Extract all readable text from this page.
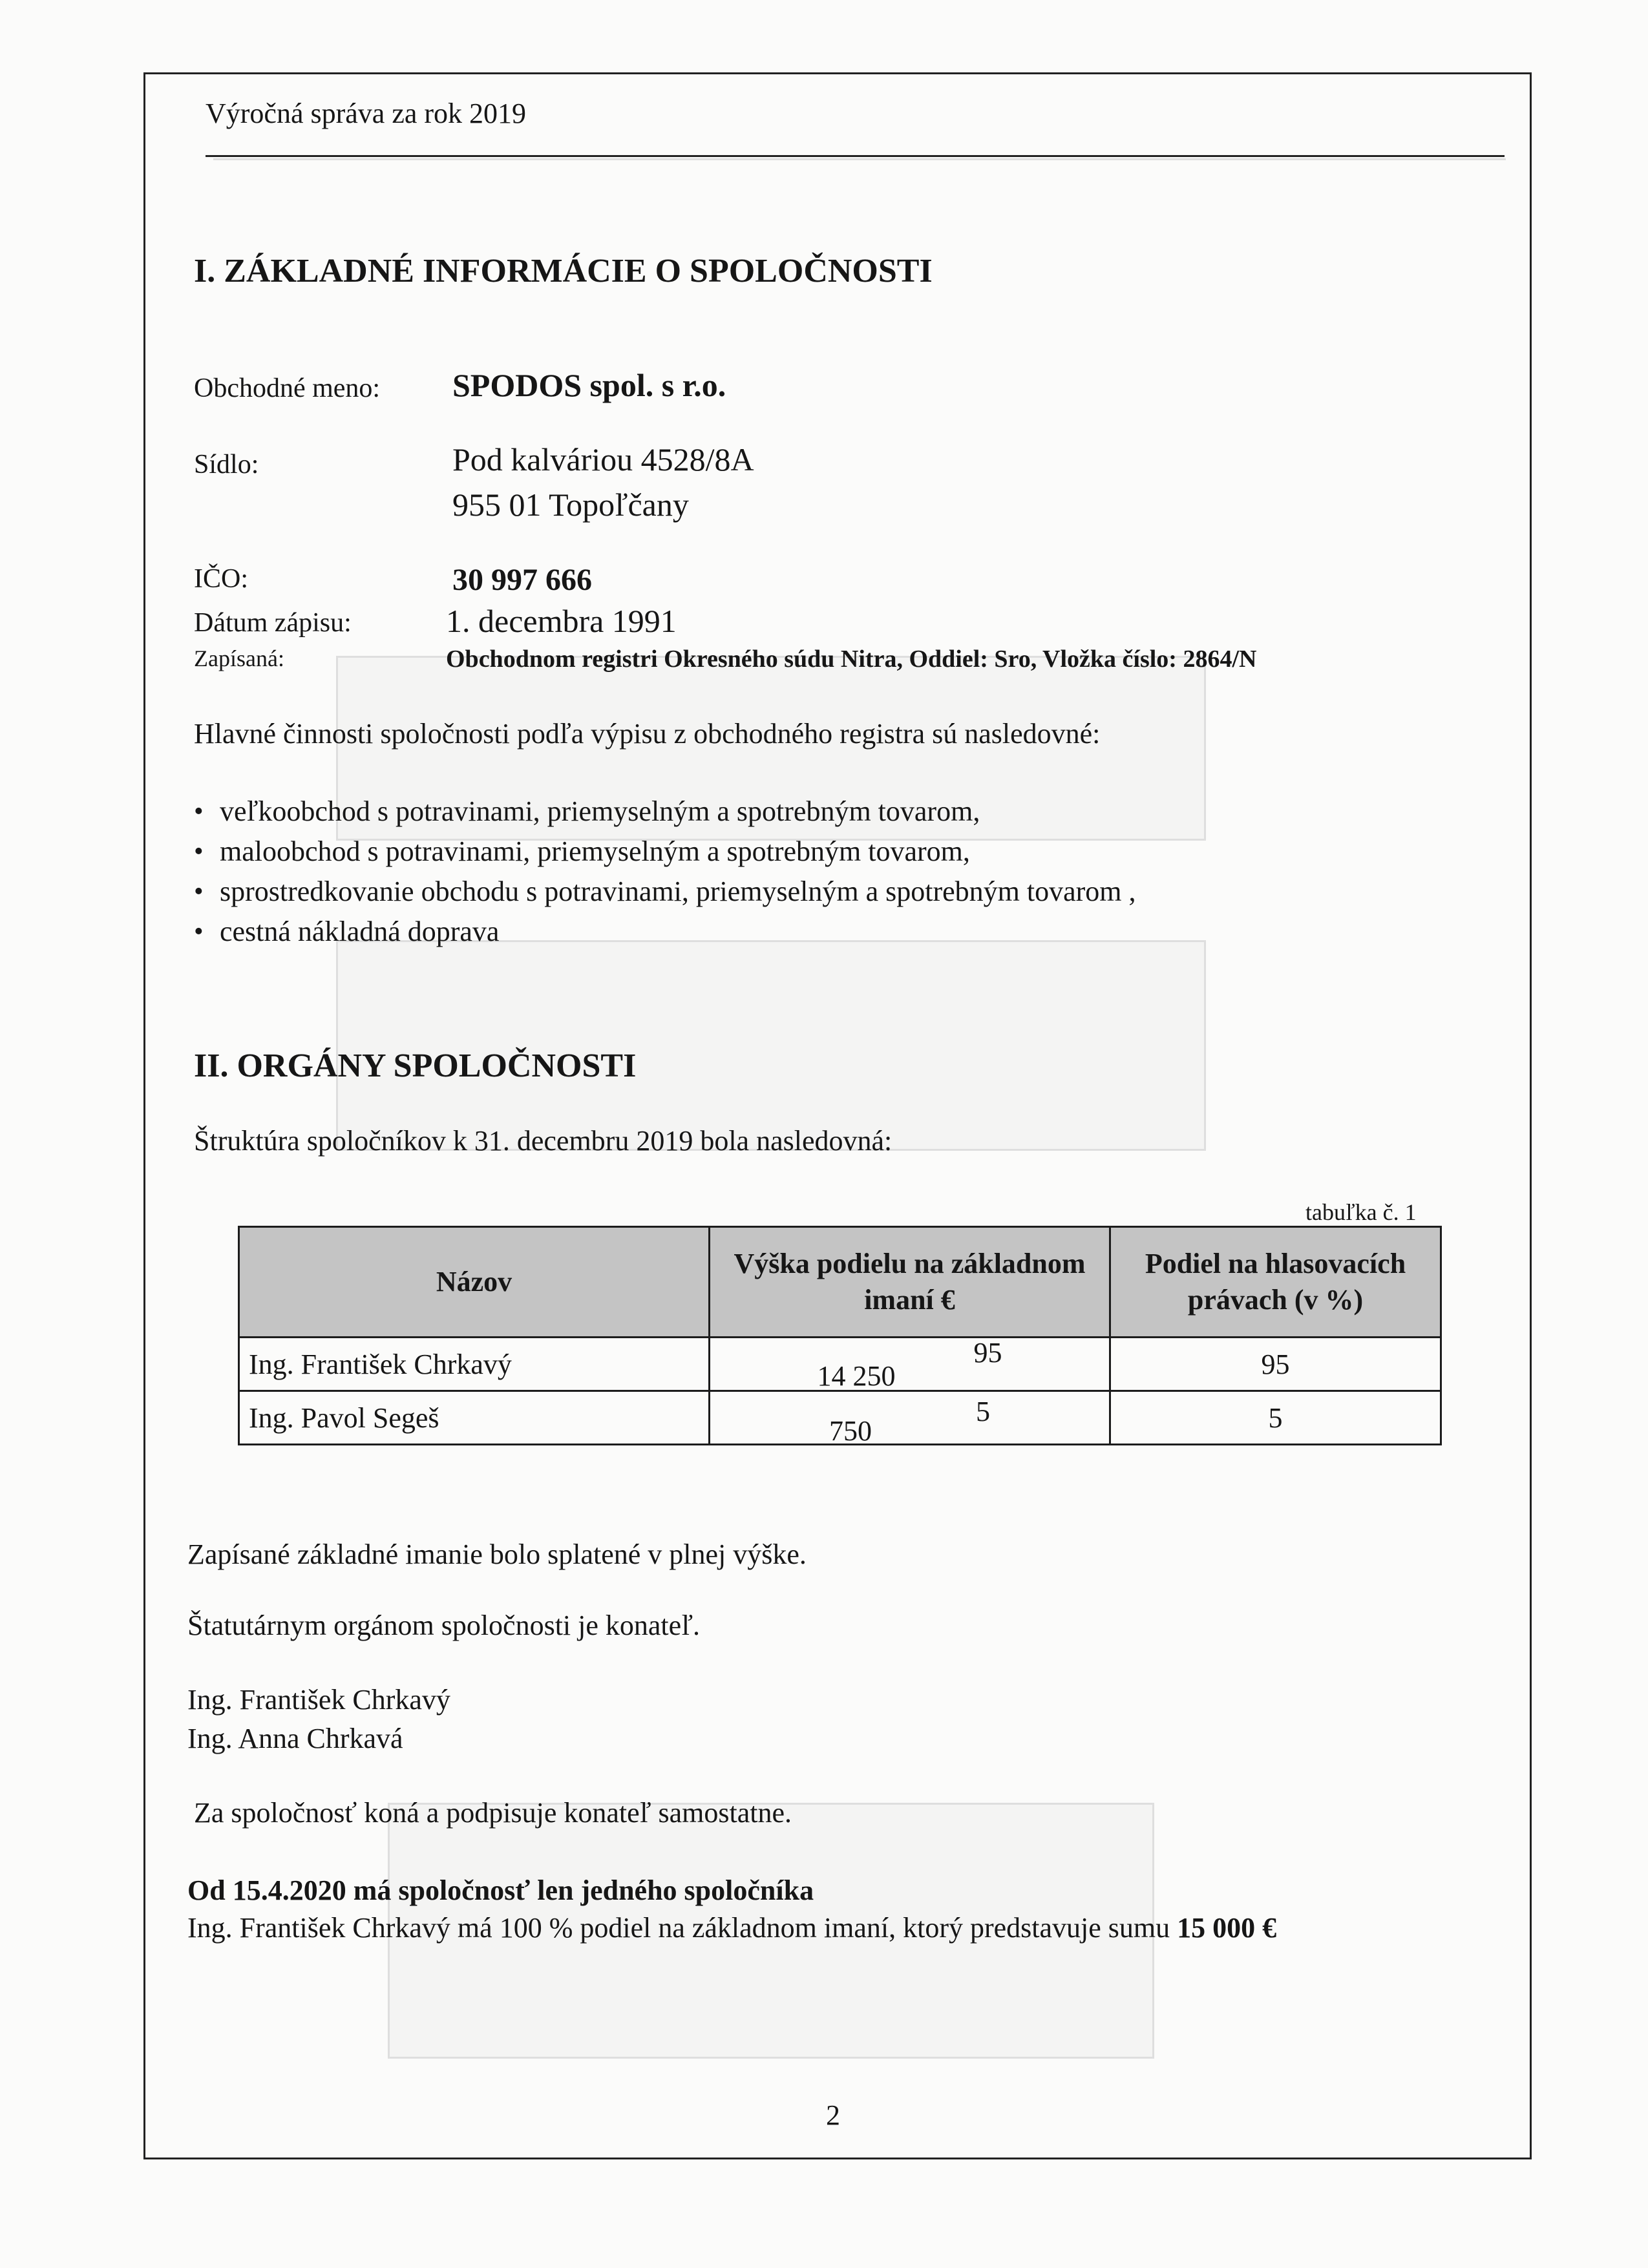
Výročná správa za rok 2019
I. ZÁKLADNÉ INFORMÁCIE O SPOLOČNOSTI
Obchodné meno: SPODOS spol. s r.o.
Sídlo:	Pod kalváriou 4528/8A
955 01 Topoľčany
IČO:	30 997 666
Dátum zápisu:	1. decembra 1991
Zapísaná:	Obchodnom registri Okresného súdu Nitra, Oddiel: Sro, Vložka číslo: 2864/N
Hlavné činnosti spoločnosti podľa výpisu z obchodného registra sú nasledovné:
• veľkoobchod s potravinami, priemyselným a spotrebným tovarom,
• maloobchod s potravinami, priemyselným a spotrebným tovarom,
• sprostredkovanie obchodu s potravinami, priemyselným a spotrebným tovarom ,
• cestná nákladná doprava
II. ORGÁNY SPOLOČNOSTI
Štruktúra spoločníkov k 31. decembru 2019 bola nasledovná:
tabuľka č. 1
Názov	Výška podielu na základnom imaní €	Podiel na hlasovacích právach (v %)
Ing. František Chrkavý	14 250 95	95
Ing. Pavol Segeš	750 5	5
Zapísané základné imanie bolo splatené v plnej výške.
Štatutárnym orgánom spoločnosti je konateľ.
Ing. František Chrkavý
Ing. Anna Chrkavá
Za spoločnosť koná a podpisuje konateľ samostatne.
Od 15.4.2020 má spoločnosť len jedného spoločníka
Ing. František Chrkavý má 100 % podiel na základnom imaní, ktorý predstavuje sumu 15 000 €
2
